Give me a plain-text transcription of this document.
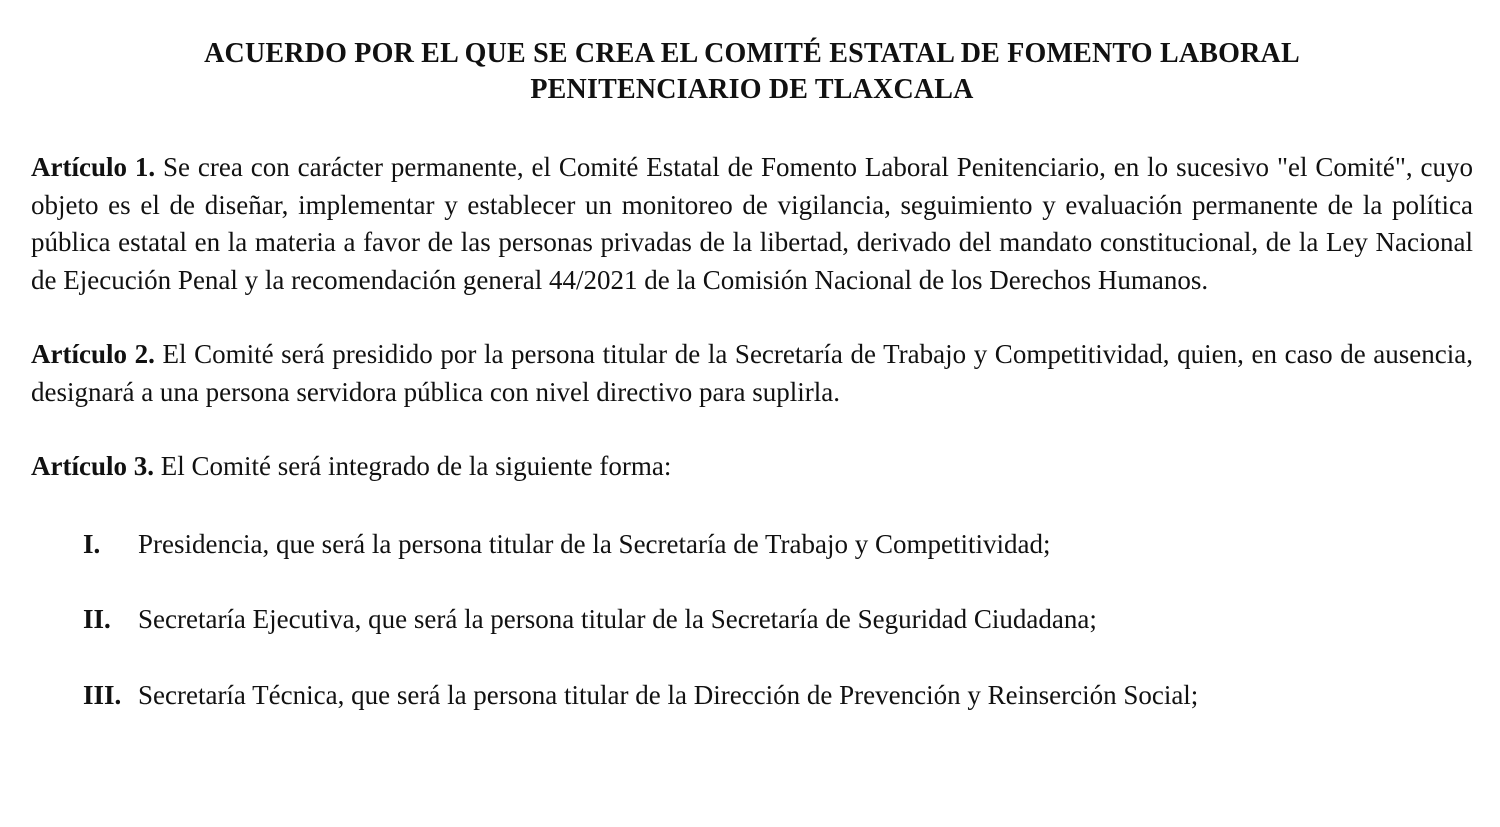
ACUERDO POR EL QUE SE CREA EL COMITÉ ESTATAL DE FOMENTO LABORAL
PENITENCIARIO DE TLAXCALA

Artículo 1. Se crea con carácter permanente, el Comité Estatal de Fomento Laboral Penitenciario, en lo sucesivo "el Comité", cuyo objeto es el de diseñar, implementar y establecer un monitoreo de vigilancia, seguimiento y evaluación permanente de la política pública estatal en la materia a favor de las personas privadas de la libertad, derivado del mandato constitucional, de la Ley Nacional de Ejecución Penal y la recomendación general 44/2021 de la Comisión Nacional de los Derechos Humanos.

Artículo 2. El Comité será presidido por la persona titular de la Secretaría de Trabajo y Competitividad, quien, en caso de ausencia, designará a una persona servidora pública con nivel directivo para suplirla.

Artículo 3. El Comité será integrado de la siguiente forma:

I.	Presidencia, que será la persona titular de la Secretaría de Trabajo y Competitividad;
II.	Secretaría Ejecutiva, que será la persona titular de la Secretaría de Seguridad Ciudadana;
III. Secretaría Técnica, que será la persona titular de la Dirección de Prevención y Reinserción Social;
